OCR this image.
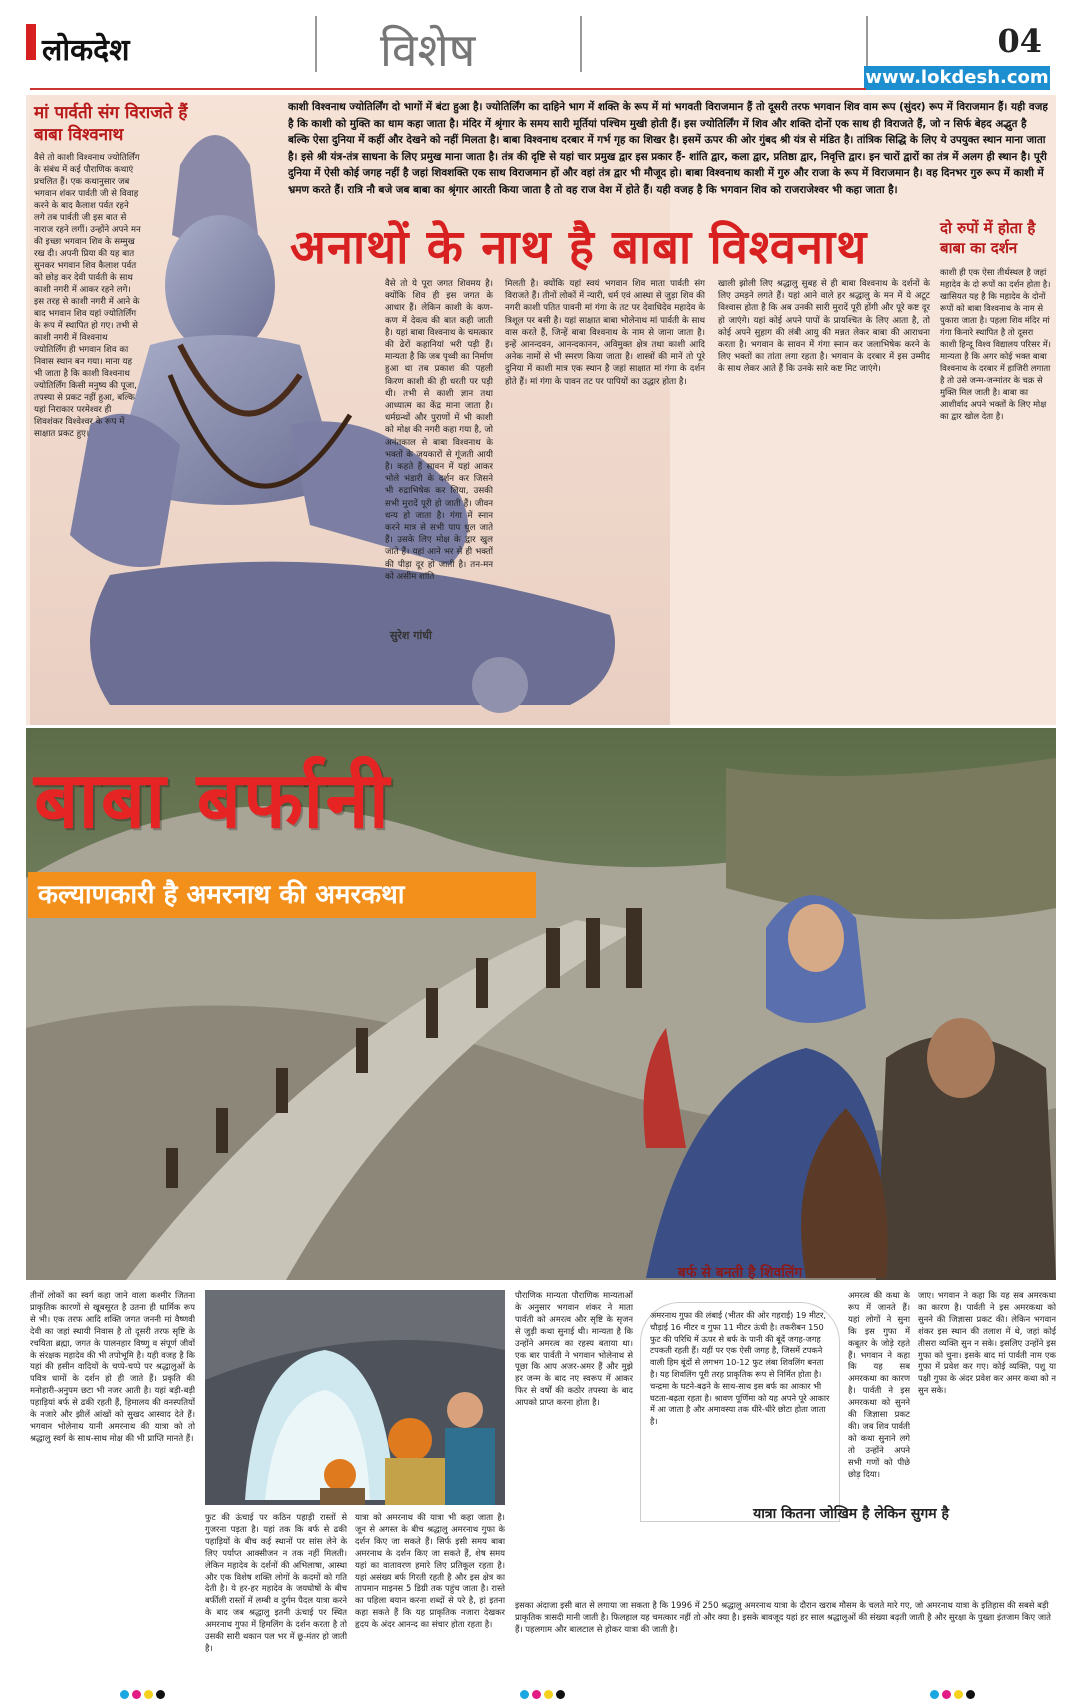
लोकदेश	विशेष	04
www.lokdesh.com
मां पार्वती संग विराजते हैं बाबा विश्वनाथ
वैसे तो काशी विश्वनाथ ज्योतिर्लिंग के संबंध में कई पौराणिक कथाएं प्रचलित हैं। एक कथानुसार जब भगवान शंकर पार्वती जी से विवाह करने के बाद कैलाश पर्वत रहने लगे तब पार्वती जी इस बात से नाराज रहने लगीं। उन्होंने अपने मन की इच्छा भगवान शिव के सम्मुख रख दी। अपनी प्रिया की यह बात सुनकर भगवान शिव कैलाश पर्वत को छोड़ कर देवी पार्वती के साथ काशी नगरी में आकर रहने लगे। इस तरह से काशी नगरी में आने के बाद भगवान शिव यहां ज्योतिर्लिंग के रूप में स्थापित हो गए। तभी से काशी नगरी में विश्वनाथ ज्योतिर्लिंग ही भगवान शिव का निवास स्थान बन गया। माना यह भी जाता है कि काशी विश्वनाथ ज्योतिर्लिंग किसी मनुष्य की पूजा, तपस्या से प्रकट नहीं हुआ, बल्कि यहां निराकार परमेश्वर ही शिवशंकर विश्वेश्वर के रूप में साक्षात प्रकट हुए।
काशी विश्वनाथ ज्योतिर्लिंग दो भागों में बंटा हुआ है। ज्योतिर्लिंग का दाहिने भाग में शक्ति के रूप में मां भगवती विराजमान हैं तो दूसरी तरफ भगवान शिव वाम रूप (सुंदर) रूप में विराजमान हैं। यही वजह है कि काशी को मुक्ति का धाम कहा जाता है। मंदिर में श्रृंगार के समय सारी मूर्तियां पश्चिम मुखी होती हैं। इस ज्योतिर्लिंग में शिव और शक्ति दोनों एक साथ ही विराजते हैं, जो न सिर्फ बेहद अद्भुत है बल्कि ऐसा दुनिया में कहीं और देखने को नहीं मिलता है। बाबा विश्वनाथ दरबार में गर्भ गृह का शिखर है। इसमें ऊपर की ओर गुंबद श्री यंत्र से मंडित है। तांत्रिक सिद्धि के लिए ये उपयुक्त स्थान माना जाता है। इसे श्री यंत्र-तंत्र साधना के लिए प्रमुख माना जाता है। तंत्र की दृष्टि से यहां चार प्रमुख द्वार इस प्रकार हैं- शांति द्वार, कला द्वार, प्रतिष्ठा द्वार, निवृत्ति द्वार। इन चारों द्वारों का तंत्र में अलग ही स्थान है। पूरी दुनिया में ऐसी कोई जगह नहीं है जहां शिवशक्ति एक साथ विराजमान हों और वहां तंत्र द्वार भी मौजूद हो। बाबा विश्वनाथ काशी में गुरु और राजा के रूप में विराजमान है। वह दिनभर गुरु रूप में काशी में भ्रमण करते हैं। रात्रि नौ बजे जब बाबा का श्रृंगार आरती किया जाता है तो वह राज वेश में होते हैं। यही वजह है कि भगवान शिव को राजराजेश्वर भी कहा जाता है।
अनाथों के नाथ है बाबा विश्वनाथ
वैसे तो ये पूरा जगत शिवमय है। क्योंकि शिव ही इस जगत के आधार हैं। लेकिन काशी के कण-कण में देवत्व की बात कही जाती है। यहां बाबा विश्वनाथ के चमत्कार की ढेरों कहानियां भरी पड़ी हैं। मान्यता है कि जब पृथ्वी का निर्माण हुआ था तब प्रकाश की पहली किरण काशी की ही धरती पर पड़ी थी। तभी से काशी ज्ञान तथा आध्यात्म का केंद्र माना जाता है। धर्मग्रन्थों और पुराणों में भी काशी को मोक्ष की नगरी कहा गया है, जो अनंतकाल से बाबा विश्वनाथ के भक्तों के जयकारों से गूंजती आयी है। कहते हैं सावन में यहां आकर भोले भंडारी के दर्शन कर जिसने भी रुद्राभिषेक कर लिया, उसकी सभी मुरादें पूरी हो जाती हैं। जीवन धन्य हो जाता है। गंगा में स्नान करने मात्र से सभी पाप धुल जाते हैं। उसके लिए मोक्ष के द्वार खुल जाते हैं। यहां आने भर से ही भक्तों की पीड़ा दूर हो जाती है। तन-मन को असीम शांति
मिलती है। क्योंकि यहां स्वयं भगवान शिव माता पार्वती संग विराजते हैं। तीनों लोकों में न्यारी, धर्म एवं आस्था से जुड़ा शिव की नगरी काशी पतित पावनी मां गंगा के तट पर देवाधिदेव महादेव के त्रिशूल पर बसी है। यहां साक्षात बाबा भोलेनाथ मां पार्वती के साथ वास करते हैं, जिन्हें बाबा विश्वनाथ के नाम से जाना जाता है। इन्हें आनन्दवन, आनन्दकानन, अविमुक्त क्षेत्र तथा काशी आदि अनेक नामों से भी स्मरण किया जाता है। शास्त्रों की मानें तो पूरे दुनिया में काशी मात्र एक स्थान है जहां साक्षात मां गंगा के दर्शन होते हैं। मां गंगा के पावन तट पर पापियों का उद्धार होता है।
खाली झोली लिए श्रद्धालु सुबह से ही बाबा विश्वनाथ के दर्शनों के लिए उमड़ने लगते हैं। यहां आने वाले हर श्रद्धालु के मन में ये अटूट विश्वास होता है कि अब उनकी सारी मुरादें पूरी होंगी और पूरे कष्ट दूर हो जाएंगे। यहां कोई अपने पापों के प्रायश्चित के लिए आता है, तो कोई अपने सुहाग की लंबी आयु की मन्नत लेकर बाबा की आराधना करता है। भगवान के सावन में गंगा स्नान कर जलाभिषेक करने के लिए भक्तों का तांता लगा रहता है। भगवान के दरबार में इस उम्मीद के साथ लेकर आते हैं कि उनके सारे कष्ट मिट जाएंगे।
सुरेश गांधी
दो रुपों में होता है बाबा का दर्शन
काशी ही एक ऐसा तीर्थस्थल है जहां महादेव के दो रूपों का दर्शन होता है। खासियत यह है कि महादेव के दोनों रूपों को बाबा विश्वनाथ के नाम से पुकारा जाता है। पहला शिव मंदिर मां गंगा किनारे स्थापित है तो दूसरा काशी हिन्दू विश्व विद्यालय परिसर में। मान्यता है कि अगर कोई भक्त बाबा विश्वनाथ के दरबार में हाजिरी लगाता है तो उसे जन्म-जन्मांतर के चक्र से मुक्ति मिल जाती है। बाबा का आशीर्वाद अपने भक्तों के लिए मोक्ष का द्वार खोल देता है।
बाबा बर्फानी
कल्याणकारी है अमरनाथ की अमरकथा
तीनों लोकों का स्वर्ग कहा जाने वाला कश्मीर जितना प्राकृतिक कारणों से खूबसूरत है उतना ही धार्मिक रूप से भी। एक तरफ आदि शक्ति जगत जननी मां वैष्णवी देवी का जहां स्थायी निवास है तो दूसरी तरफ सृष्टि के रचयिता ब्रह्मा, जगत के पालनहार विष्णु व संपूर्ण जीवों के संरक्षक महादेव की भी तपोभूमि है। यही वजह है कि यहां की हसीन वादियों के चप्पे-चप्पे पर श्रद्धालुओं के पवित्र धामों के दर्शन हो ही जाते हैं। प्रकृति की मनोहारी-अनुपम छटा भी नजर आती है। यहां बड़ी-बड़ी पहाड़ियां बर्फ से ढकी रहती हैं, हिमालय की वनस्पतियों के नजारे और झीलें आंखों को सुखद आस्वाद देते हैं। भगवान भोलेनाथ यानी अमरनाथ की यात्रा को तो श्रद्धालु स्वर्ग के साथ-साथ मोक्ष की भी प्राप्ति मानते हैं।
फुट की ऊंचाई पर कठिन पहाड़ी रास्तों से गुजरना पड़ता है। यहां तक कि बर्फ से ढकी पहाड़ियों के बीच कई स्थानों पर सांस लेने के लिए पर्याप्त आक्सीजन न तक नहीं मिलती। लेकिन महादेव के दर्शनों की अभिलाषा, आस्था और एक विशेष शक्ति लोगों के कदमों को गति देती है। ये हर-हर महादेव के जयघोषों के बीच बर्फीली रास्तों में लम्बी व दुर्गम पैदल यात्रा करने के बाद जब श्रद्धालु इतनी ऊंचाई पर स्थित अमरनाथ गुफा में हिमलिंग के दर्शन करता है तो उसकी सारी थकान पल भर में छू-मंतर हो जाती है।
यात्रा को अमरनाथ की यात्रा भी कहा जाता है। जून से अगस्त के बीच श्रद्धालु अमरनाथ गुफा के दर्शन किए जा सकते हैं। सिर्फ इसी समय बाबा अमरनाथ के दर्शन किए जा सकते हैं, शेष समय यहां का वातावरण हमारे लिए प्रतिकूल रहता है। यहां असंख्य बर्फ गिरती रहती है और इस क्षेत्र का तापमान माइनस 5 डिग्री तक पहुंच जाता है। रास्ते का पहिला बयान करना शब्दों से परे है, हां इतना कहा सकते हैं कि यह प्राकृतिक नजारा देखकर हृदय के अंदर आनन्द का संचार होता रहता है।
पौराणिक मान्यता पौराणिक मान्यताओं के अनुसार भगवान शंकर ने माता पार्वती को अमरत्व और सृष्टि के सृजन से जुड़ी कथा सुनाई थी। मान्यता है कि उन्होंने अमरत्व का रहस्य बताया था। एक बार पार्वती ने भगवान भोलेनाथ से पूछा कि आप अजर-अमर हैं और मुझे हर जन्म के बाद नए स्वरूप में आकर फिर से वर्षों की कठोर तपस्या के बाद आपको प्राप्त करना होता है।
बर्फ से बनती है शिवलिंग
अमरनाथ गुफा की लंबाई (भीतर की ओर गहराई) 19 मीटर, चौड़ाई 16 मीटर व गुफा 11 मीटर ऊंची है। तकरीबन 150 फुट की परिधि में ऊपर से बर्फ के पानी की बूंदें जगह-जगह टपकती रहती हैं। यहीं पर एक ऐसी जगह है, जिसमें टपकने वाली हिम बूंदों से लगभग 10-12 फुट लंबा शिवलिंग बनता है। यह शिवलिंग पूरी तरह प्राकृतिक रूप से निर्मित होता है। चन्द्रमा के घटने-बढ़ने के साथ-साथ इस बर्फ का आकार भी घटता-बढ़ता रहता है। श्रावण पूर्णिमा को यह अपने पूरे आकार में आ जाता है और अमावस्या तक धीरे-धीरे छोटा होता जाता है।
अमरत्व की कथा के रूप में जानते हैं। यहां लोगों ने सुना कि इस गुफा में कबूतर के जोड़े रहते हैं। भगवान ने कहा कि यह सब अमरकथा का कारण है। पार्वती ने इस अमरकथा को सुनने की जिज्ञासा प्रकट की। जब शिव पार्वती को कथा सुनाने लगे तो उन्होंने अपने सभी गणों को पीछे छोड़ दिया।
जाए। भगवान ने कहा कि यह सब अमरकथा का कारण है। पार्वती ने इस अमरकथा को सुनने की जिज्ञासा प्रकट की। लेकिन भगवान शंकर इस स्थान की तलाश में थे, जहां कोई तीसरा व्यक्ति सुन न सके। इसलिए उन्होंने इस गुफा को चुना। इसके बाद मां पार्वती नाम एक गुफा में प्रवेश कर गए। कोई व्यक्ति, पशु या पक्षी गुफा के अंदर प्रवेश कर अमर कथा को न सुन सके।
यात्रा कितना जोखिम है लेकिन सुगम है
इसका अंदाजा इसी बात से लगाया जा सकता है कि 1996 में 250 श्रद्धालु अमरनाथ यात्रा के दौरान खराब मौसम के चलते मारे गए, जो अमरनाथ यात्रा के इतिहास की सबसे बड़ी प्राकृतिक त्रासदी मानी जाती है। फिलहाल यह चमत्कार नहीं तो और क्या है। इसके बावजूद यहां हर साल श्रद्धालुओं की संख्या बढ़ती जाती है और सुरक्षा के पुख्ता इंतजाम किए जाते हैं। पहलगाम और बालटाल से होकर यात्रा की जाती है।
